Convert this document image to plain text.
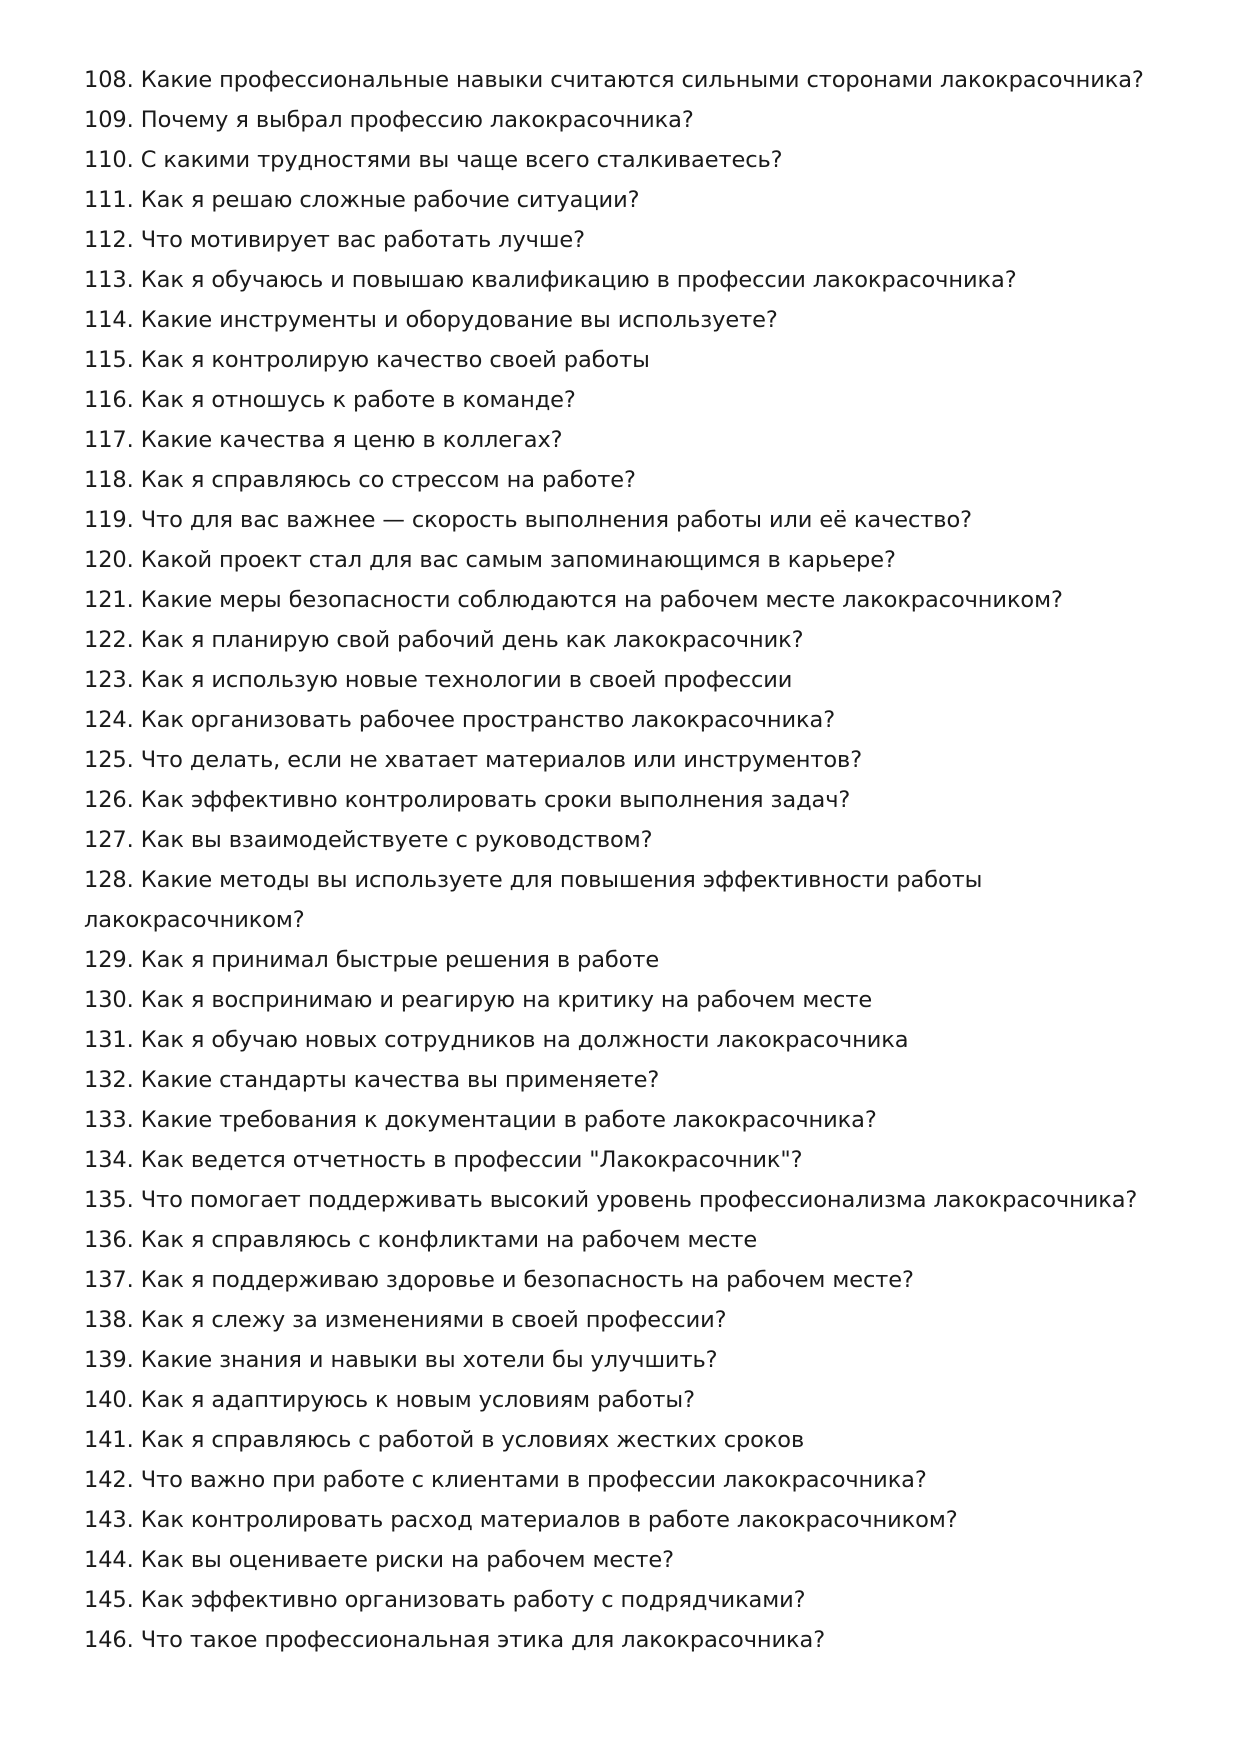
108 . Какие профессиональные навыки считаются сильными сторонами лакокрасочника?
109 . Почему я выбрал профессию лакокрасочника?
110 . С какими трудностями вы чаще всего сталкиваетесь?
111 . Как я решаю сложные рабочие ситуации?
112 . Что мотивирует вас работать лучше?
113 . Как я обучаюсь и повышаю квалификацию в профессии лакокрасочника?
114 . Какие инструменты и оборудование вы используете?
115 . Как я контролирую качество своей работы
116 . Как я отношусь к работе в команде?
117 . Какие качества я ценю в коллегах?
118 . Как я справляюсь со стрессом на работе?
119 . Что для вас важнее — скорость выполнения работы или её качество?
120 . Какой проект стал для вас самым запоминающимся в карьере?
121 . Какие меры безопасности соблюдаются на рабочем месте лакокрасочником?
122 . Как я планирую свой рабочий день как лакокрасочник?
123 . Как я использую новые технологии в своей профессии
124 . Как организовать рабочее пространство лакокрасочника?
125 . Что делать, если не хватает материалов или инструментов?
126 . Как эффективно контролировать сроки выполнения задач?
127 . Как вы взаимодействуете с руководством?
128 . Какие методы вы используете для повышения эффективности работы лакокрасочником?
129 . Как я принимал быстрые решения в работе
130 . Как я воспринимаю и реагирую на критику на рабочем месте
131 . Как я обучаю новых сотрудников на должности лакокрасочника
132 . Какие стандарты качества вы применяете?
133 . Какие требования к документации в работе лакокрасочника?
134 . Как ведется отчетность в профессии "Лакокрасочник"?
135 . Что помогает поддерживать высокий уровень профессионализма лакокрасочника?
136 . Как я справляюсь с конфликтами на рабочем месте
137 . Как я поддерживаю здоровье и безопасность на рабочем месте?
138 . Как я слежу за изменениями в своей профессии?
139 . Какие знания и навыки вы хотели бы улучшить?
140 . Как я адаптируюсь к новым условиям работы?
141 . Как я справляюсь с работой в условиях жестких сроков
142 . Что важно при работе с клиентами в профессии лакокрасочника?
143 . Как контролировать расход материалов в работе лакокрасочником?
144 . Как вы оцениваете риски на рабочем месте?
145 . Как эффективно организовать работу с подрядчиками?
146 . Что такое профессиональная этика для лакокрасочника?
